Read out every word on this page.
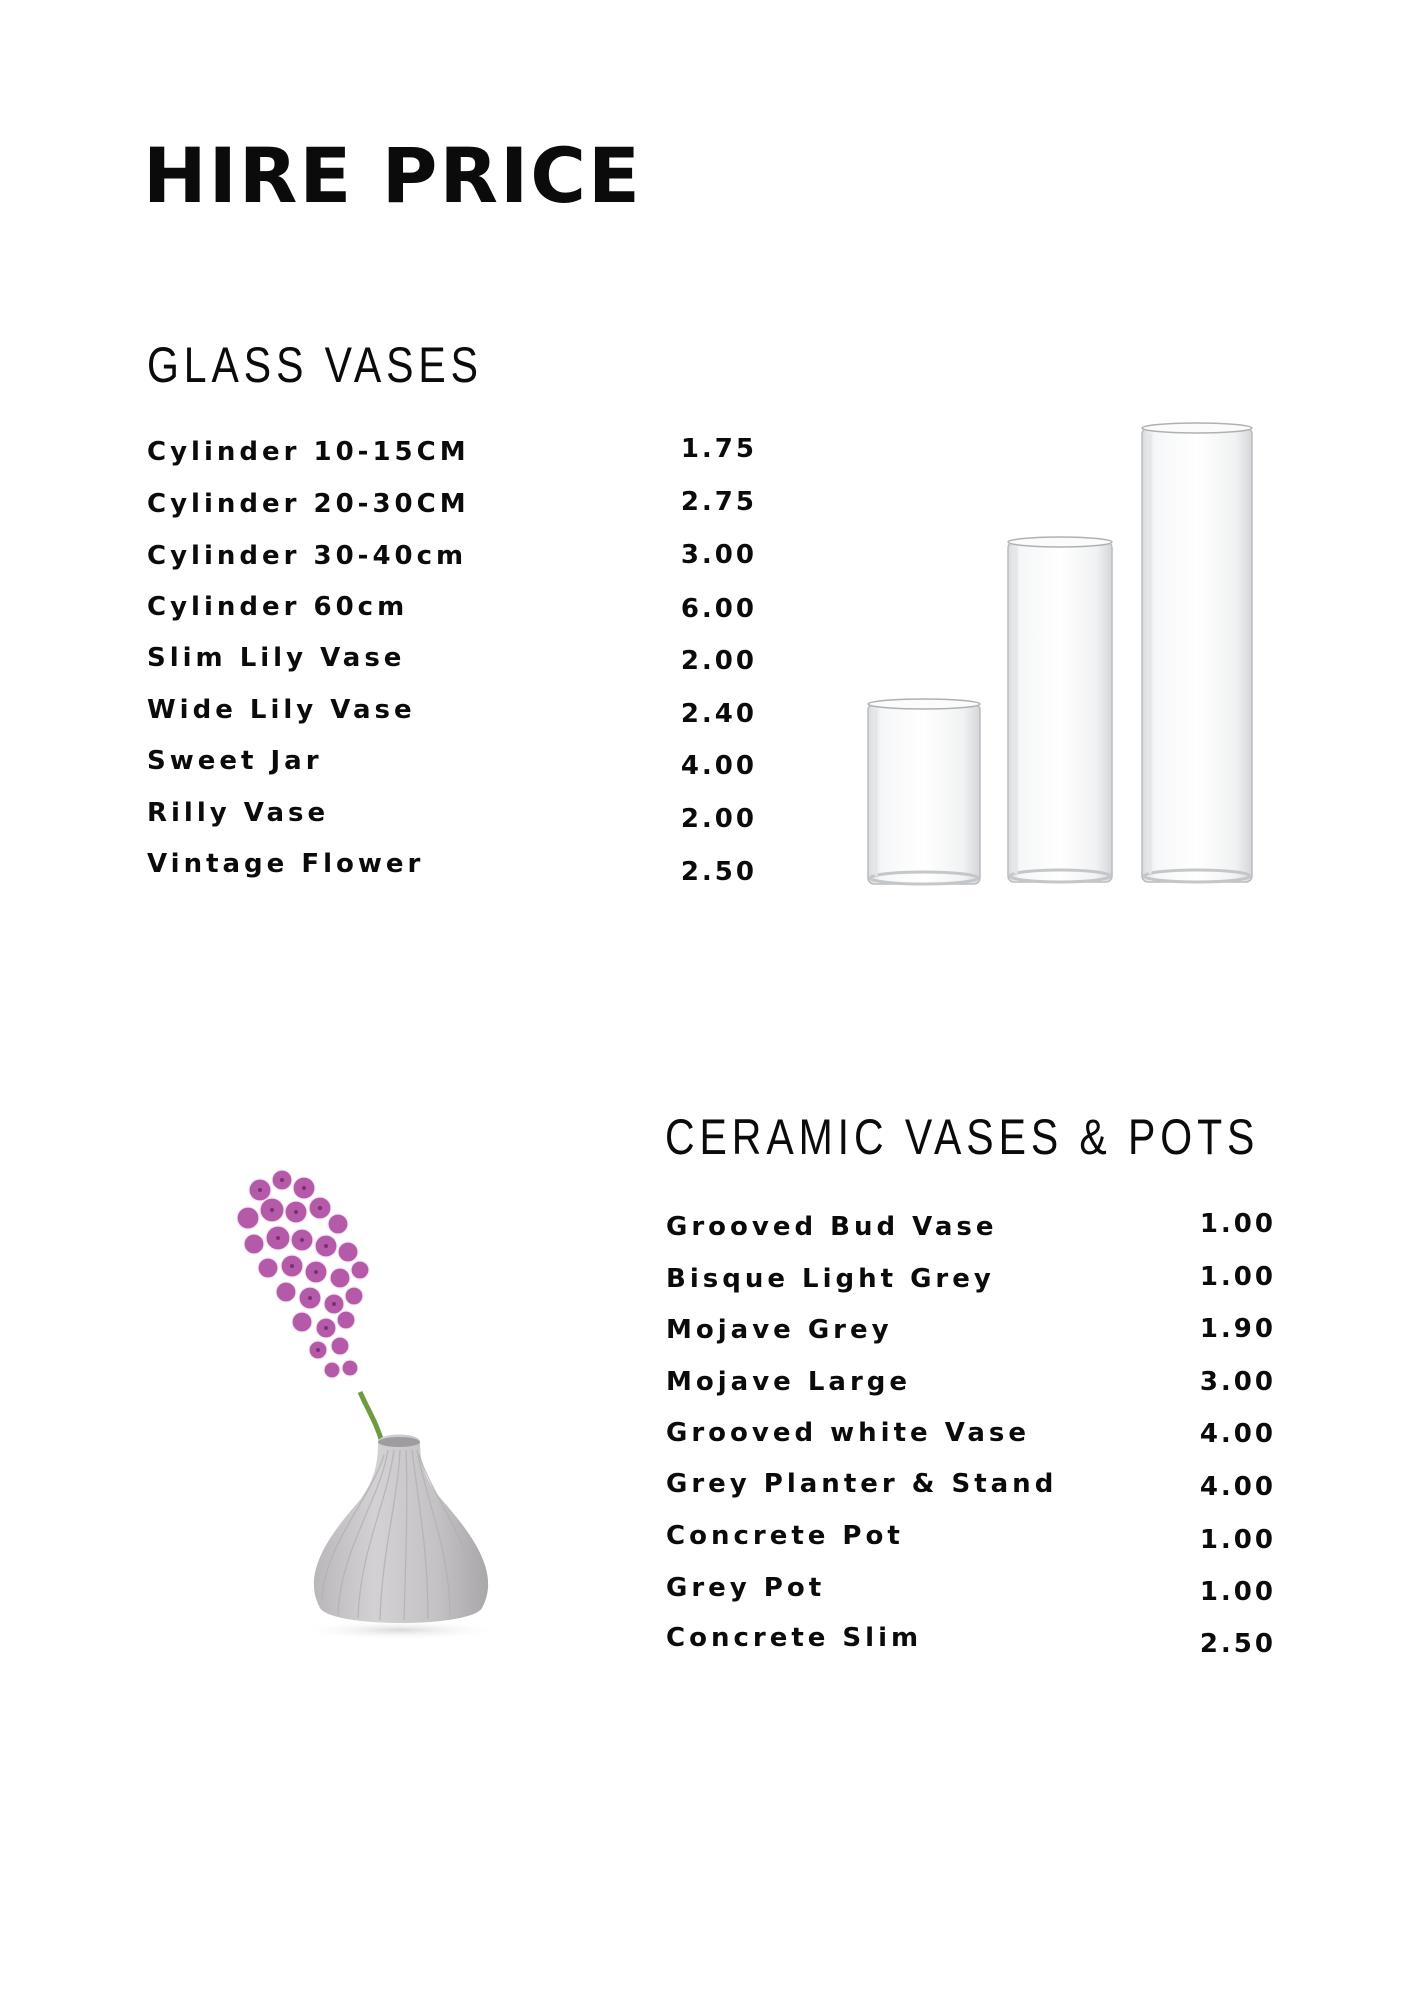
HIRE PRICE
GLASS VASES
Cylinder 10-15CM	1.75
Cylinder 20-30CM	2.75
Cylinder 30-40cm	3.00
Cylinder 60cm	6.00
Slim Lily Vase	2.00
Wide Lily Vase	2.40
Sweet Jar	4.00
Rilly Vase	2.00
Vintage Flower	2.50
CERAMIC VASES & POTS
Grooved Bud Vase	1.00
Bisque Light Grey	1.00
Mojave Grey	1.90
Mojave Large	3.00
Grooved white Vase	4.00
Grey Planter & Stand	4.00
Concrete Pot	1.00
Grey Pot	1.00
Concrete Slim	2.50
